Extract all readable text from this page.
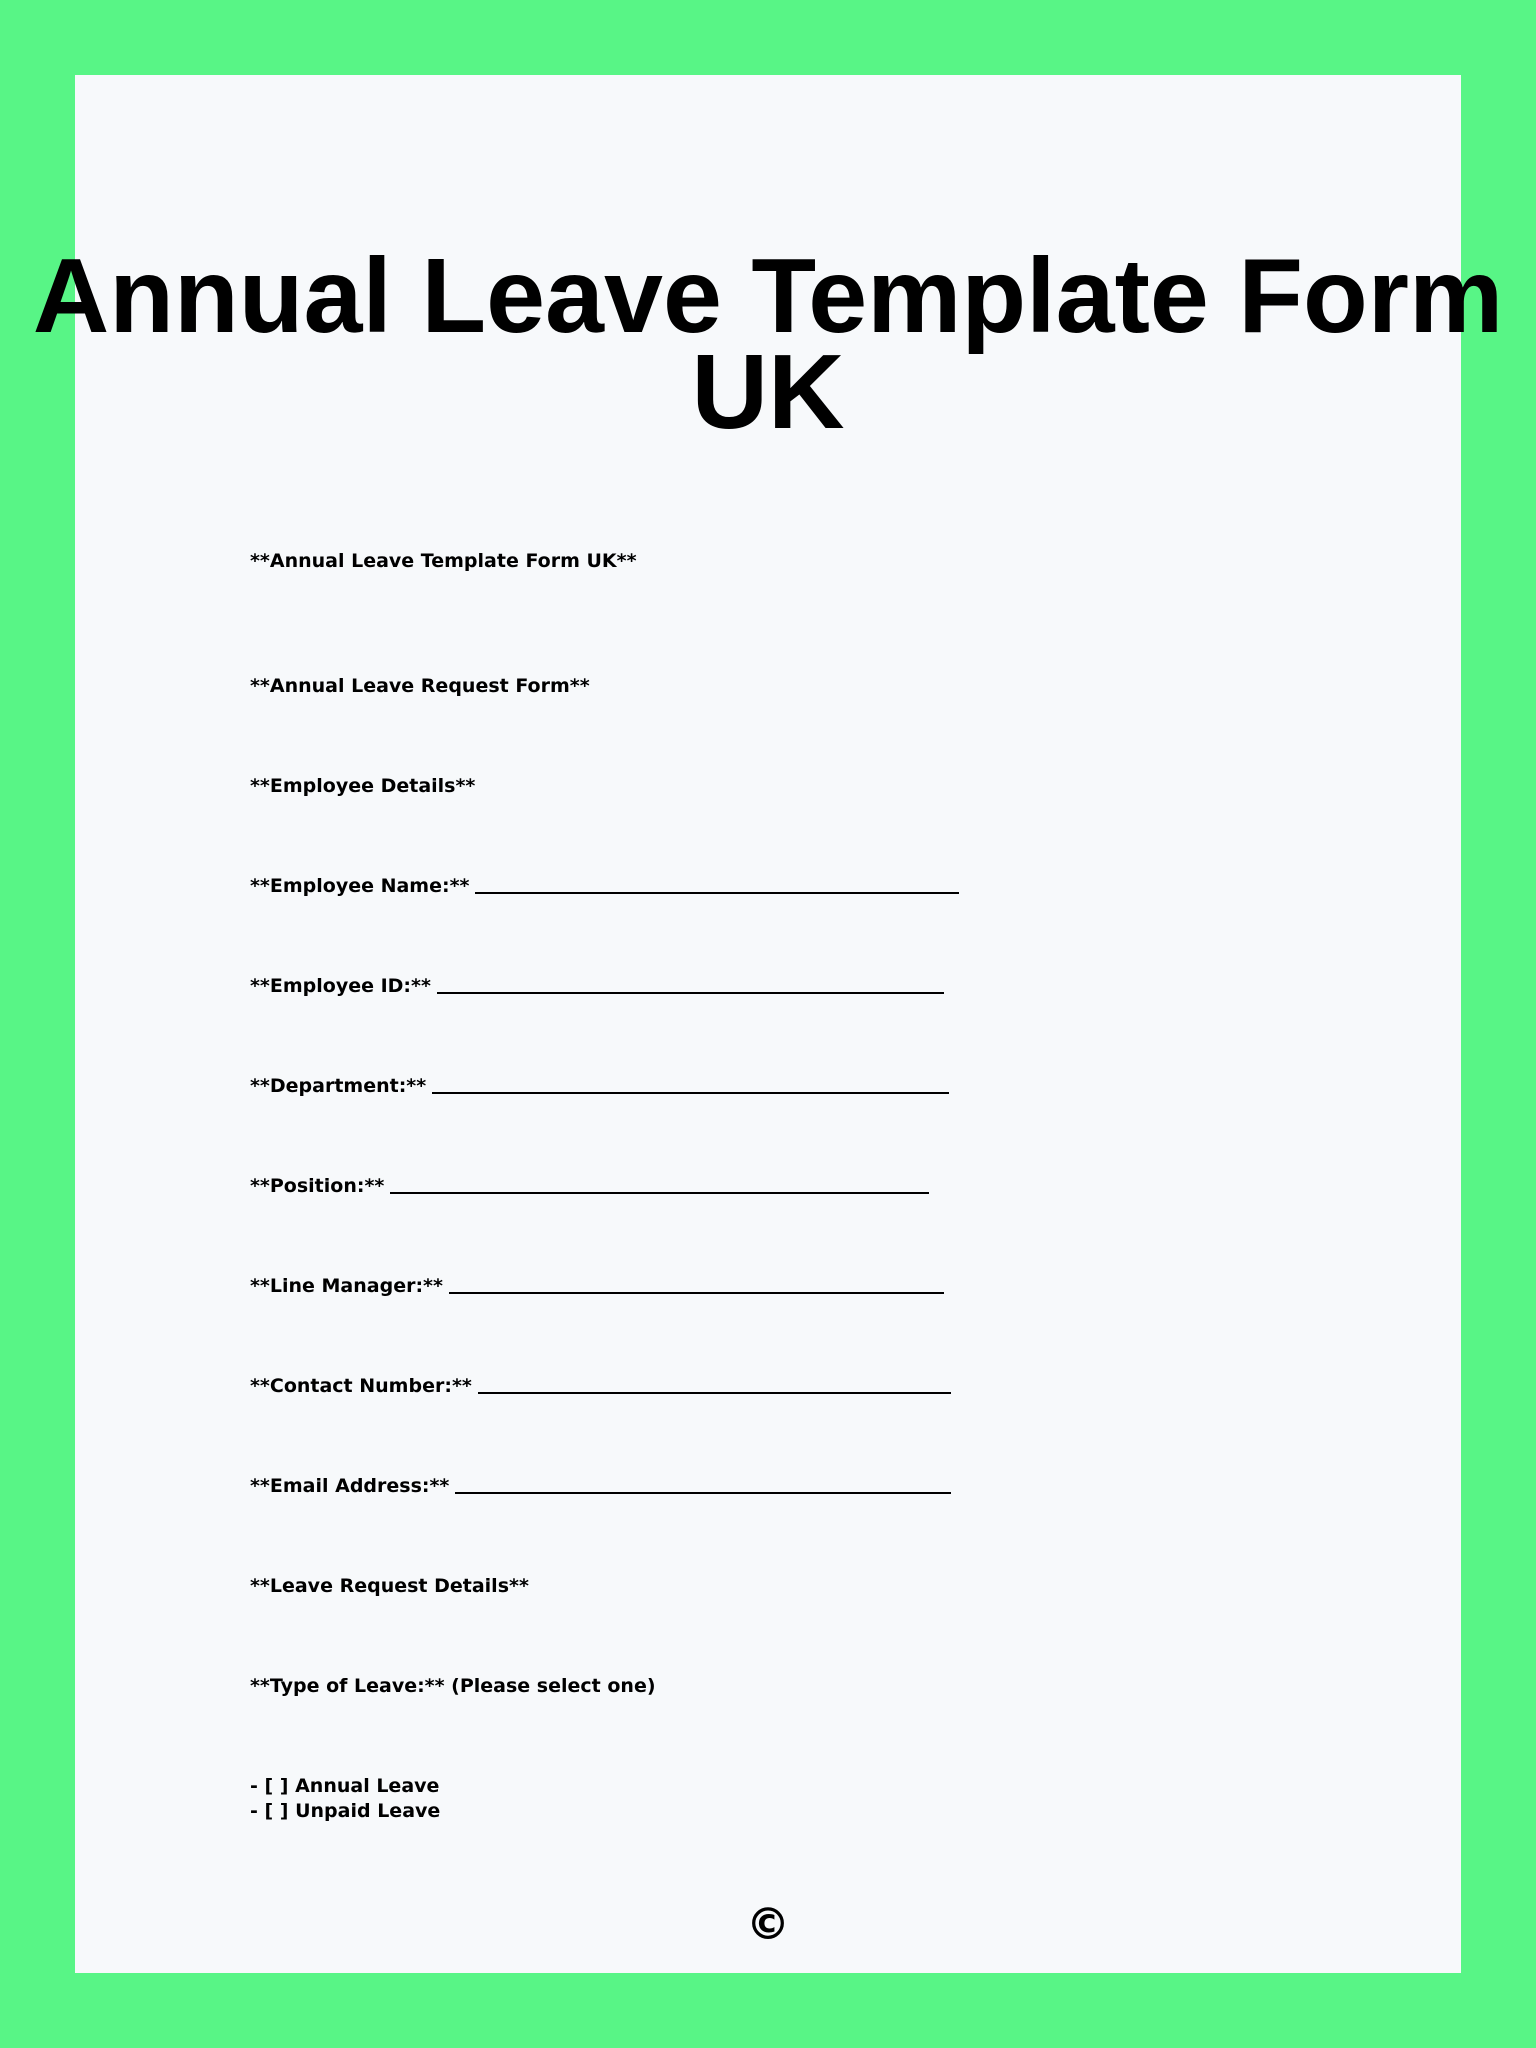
Annual Leave Template Form UK
**Annual Leave Template Form UK**
**Annual Leave Request Form**
**Employee Details**
**Employee Name:**
**Employee ID:**
**Department:**
**Position:**
**Line Manager:**
**Contact Number:**
**Email Address:**
**Leave Request Details**
**Type of Leave:** (Please select one)
- [ ] Annual Leave
- [ ] Unpaid Leave
©
